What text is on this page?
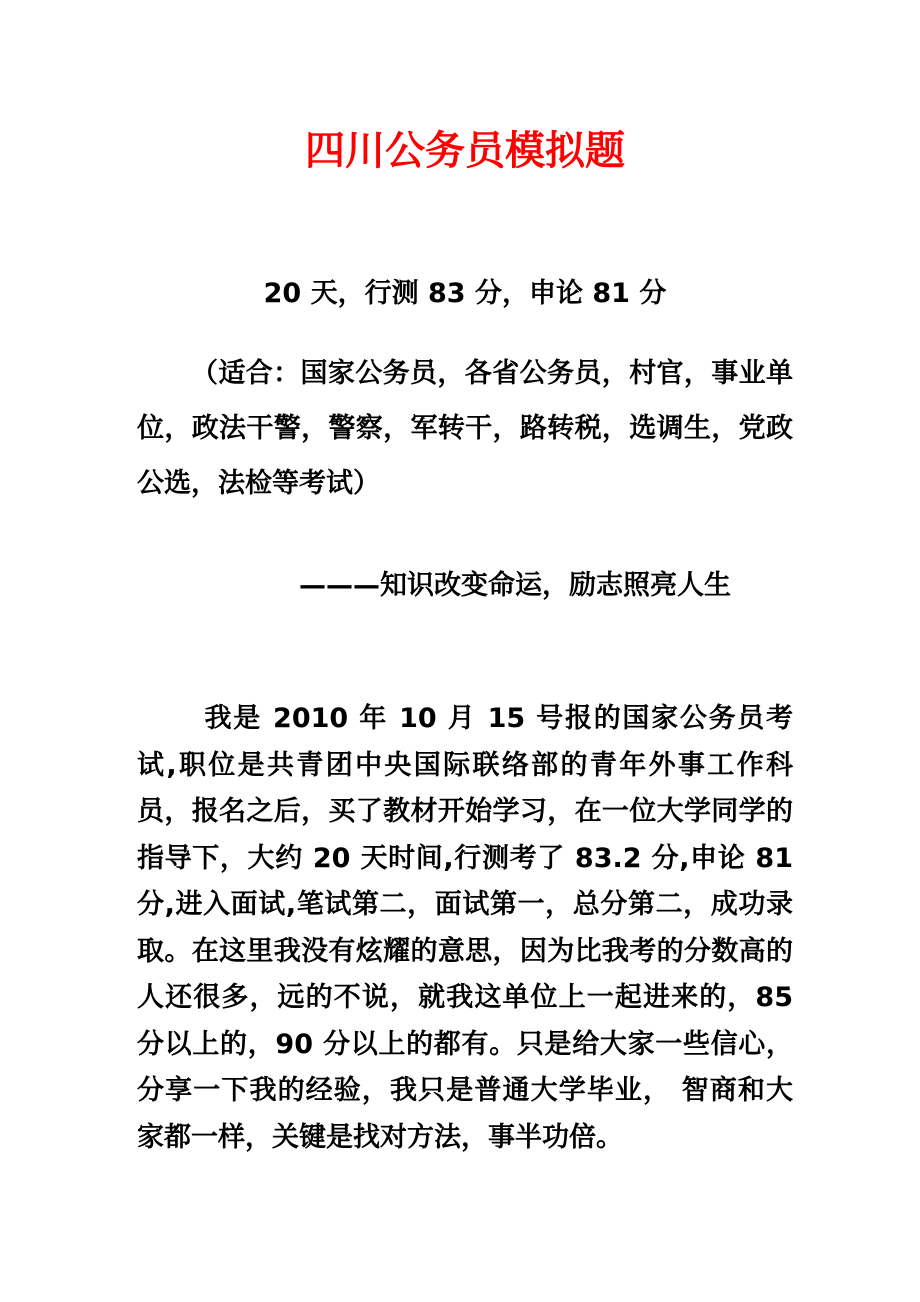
四川公务员模拟题

20 天，行测 83 分，申论 81 分

（适合：国家公务员，各省公务员，村官，事业单位，政法干警，警察，军转干，路转税，选调生，党政公选，法检等考试）

———知识改变命运，励志照亮人生

我是 2010 年 10 月 15 号报的国家公务员考试,职位是共青团中央国际联络部的青年外事工作科员，报名之后，买了教材开始学习，在一位大学同学的指导下，大约 20 天时间,行测考了 83.2 分,申论 81 分,进入面试,笔试第二，面试第一，总分第二，成功录取。在这里我没有炫耀的意思，因为比我考的分数高的人还很多，远的不说，就我这单位上一起进来的，85 分以上的，90 分以上的都有。只是给大家一些信心，分享一下我的经验，我只是普通大学毕业， 智商和大家都一样，关键是找对方法，事半功倍。
